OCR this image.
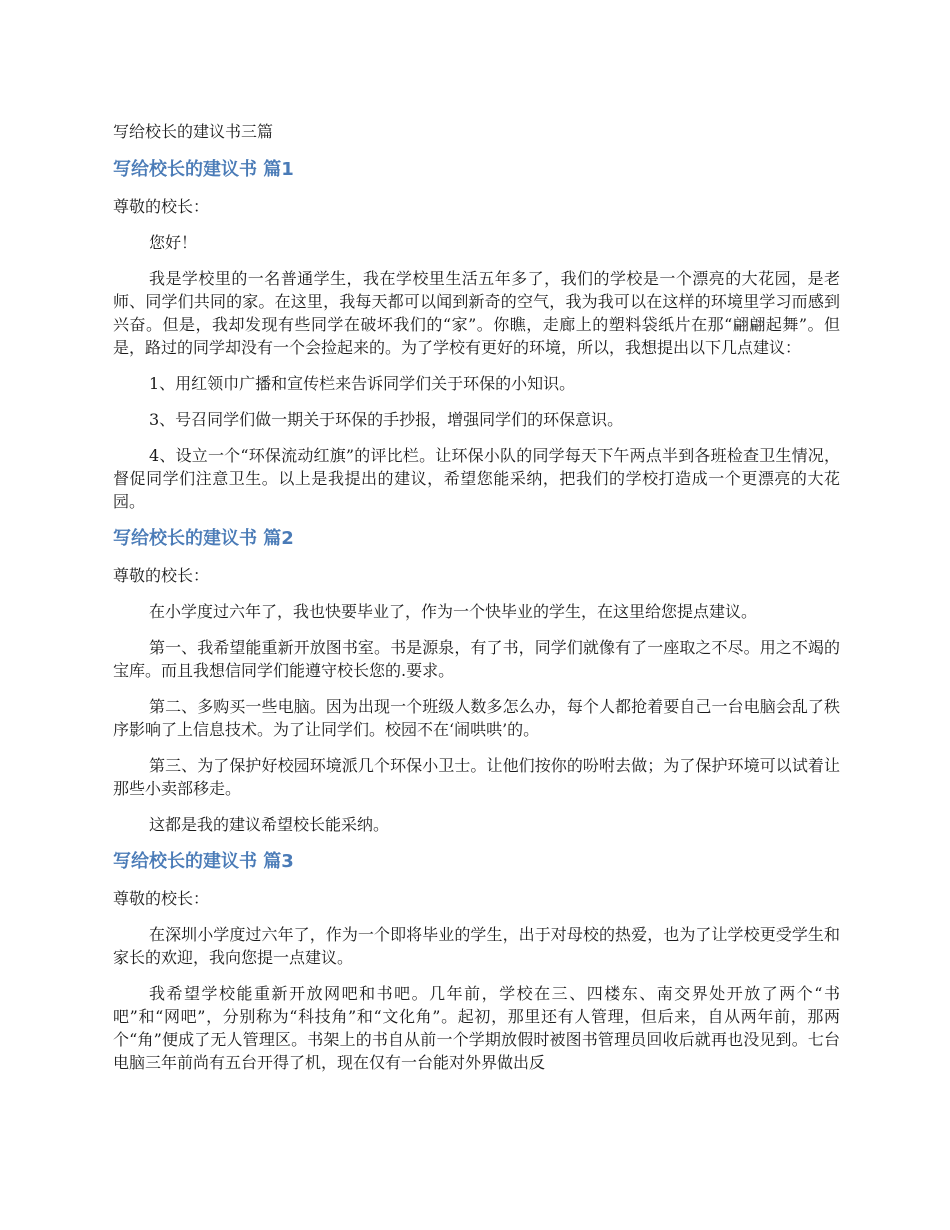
写给校长的建议书三篇
写给校长的建议书 篇1

尊敬的校长：

您好！

我是学校里的一名普通学生，我在学校里生活五年多了，我们的学校是一个漂亮的大花园，是老师、同学们共同的家。在这里，我每天都可以闻到新奇的空气，我为我可以在这样的环境里学习而感到兴奋。但是，我却发现有些同学在破坏我们的“家”。你瞧，走廊上的塑料袋纸片在那“翩翩起舞”。但是，路过的同学却没有一个会捡起来的。为了学校有更好的环境，所以，我想提出以下几点建议：

1、用红领巾广播和宣传栏来告诉同学们关于环保的小知识。

3、号召同学们做一期关于环保的手抄报，增强同学们的环保意识。

4、设立一个“环保流动红旗”的评比栏。让环保小队的同学每天下午两点半到各班检查卫生情况，督促同学们注意卫生。以上是我提出的建议，希望您能采纳，把我们的学校打造成一个更漂亮的大花园。

写给校长的建议书 篇2

尊敬的校长：

在小学度过六年了，我也快要毕业了，作为一个快毕业的学生，在这里给您提点建议。

第一、我希望能重新开放图书室。书是源泉，有了书，同学们就像有了一座取之不尽。用之不竭的宝库。而且我想信同学们能遵守校长您的.要求。

第二、多购买一些电脑。因为出现一个班级人数多怎么办，每个人都抢着要自己一台电脑会乱了秩序影响了上信息技术。为了让同学们。校园不在‘闹哄哄’的。

第三、为了保护好校园环境派几个环保小卫士。让他们按你的吩咐去做；为了保护环境可以试着让那些小卖部移走。

这都是我的建议希望校长能采纳。

写给校长的建议书 篇3

尊敬的校长：

在深圳小学度过六年了，作为一个即将毕业的学生，出于对母校的热爱，也为了让学校更受学生和家长的欢迎，我向您提一点建议。

我希望学校能重新开放网吧和书吧。几年前，学校在三、四楼东、南交界处开放了两个“书吧”和“网吧”，分别称为“科技角”和“文化角”。起初，那里还有人管理，但后来，自从两年前，那两个“角”便成了无人管理区。书架上的书自从前一个学期放假时被图书管理员回收后就再也没见到。七台电脑三年前尚有五台开得了机，现在仅有一台能对外界做出反
